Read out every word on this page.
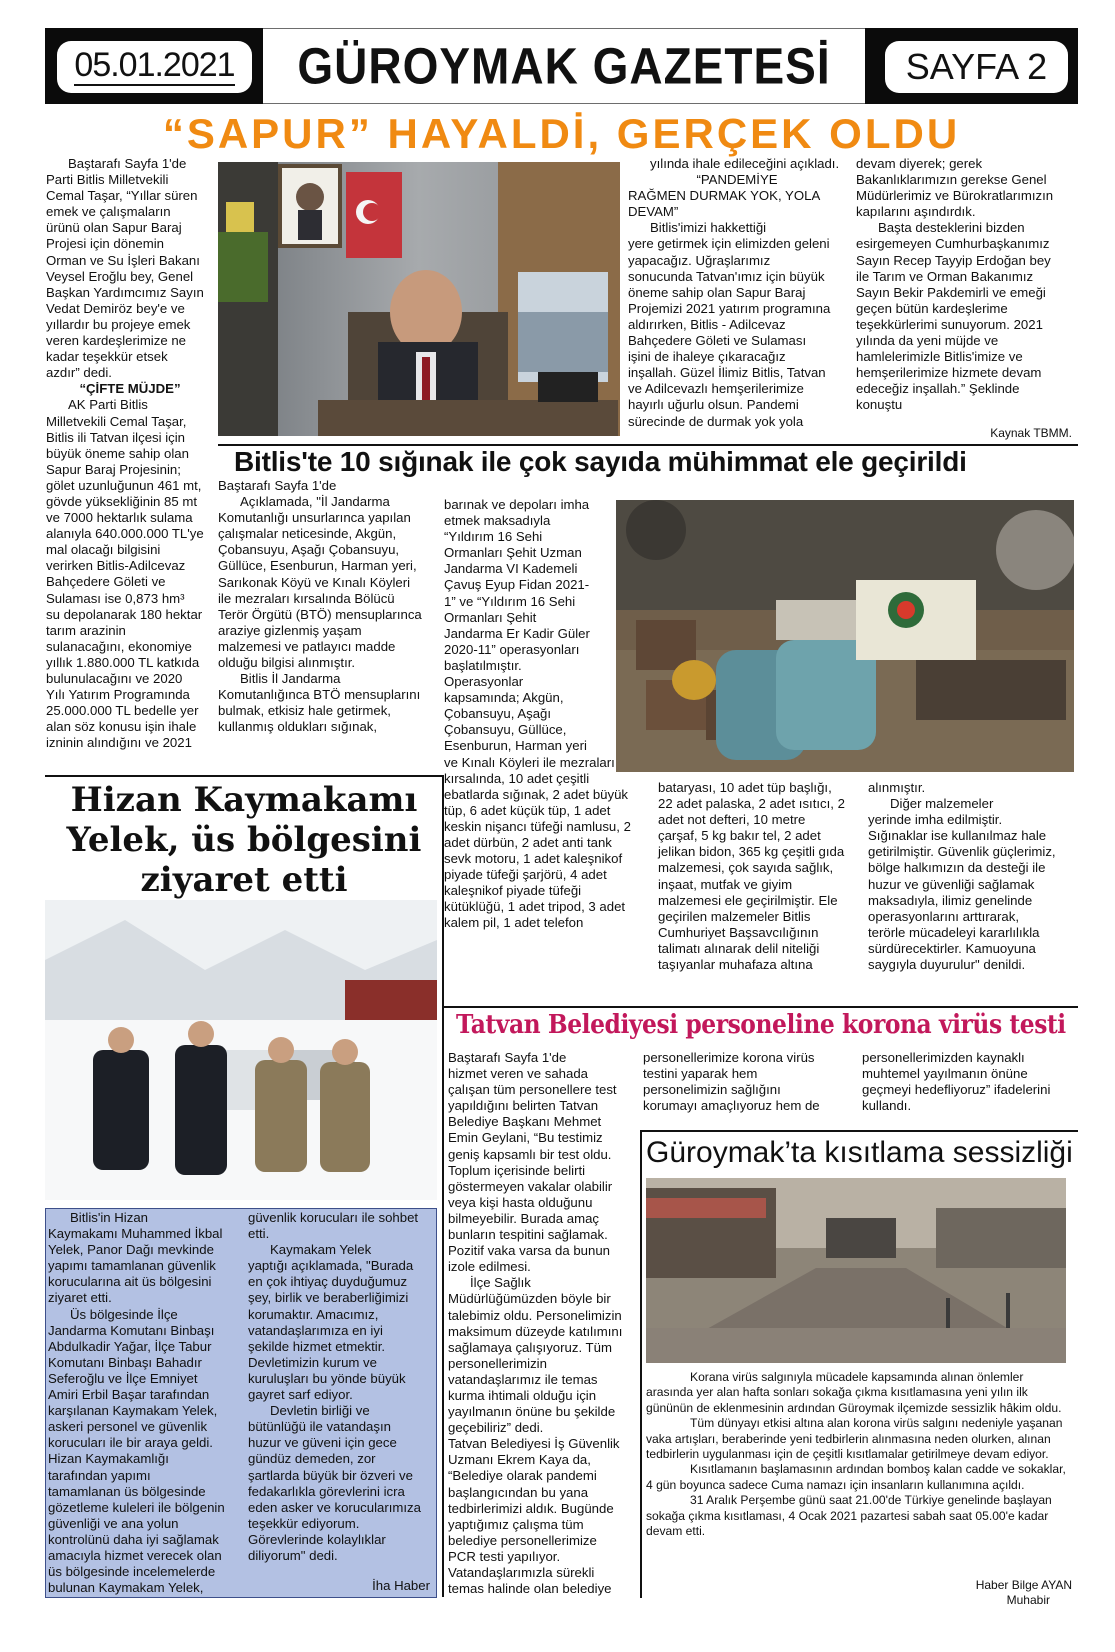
05.01.2021	GÜROYMAK GAZETESİ	SAYFA 2
“SAPUR” HAYALDİ, GERÇEK OLDU

Baştarafı Sayfa 1'de

Parti Bitlis Milletvekili

Cemal Taşar, “Yıllar süren

emek ve çalışmaların

ürünü olan Sapur Baraj

Projesi için dönemin

Orman ve Su İşleri Bakanı

Veysel Eroğlu bey, Genel

Başkan Yardımcımız Sayın

Vedat Demiröz bey'e ve

yıllardır bu projeye emek

veren kardeşlerimize ne

kadar teşekkür etsek

azdır” dedi.

“ÇİFTE MÜJDE”

AK Parti Bitlis

Milletvekili Cemal Taşar,

Bitlis ili Tatvan ilçesi için

büyük öneme sahip olan

Sapur Baraj Projesinin;

gölet uzunluğunun 461 mt,

gövde yüksekliğinin 85 mt

ve 7000 hektarlık sulama

alanıyla 640.000.000 TL'ye

mal olacağı bilgisini

verirken Bitlis-Adilcevaz

Bahçedere Göleti ve

Sulaması ise 0,873 hm³

su depolanarak 180 hektar

tarım arazinin

sulanacağını, ekonomiye

yıllık 1.880.000 TL katkıda

bulunulacağını ve 2020

Yılı Yatırım Programında

25.000.000 TL bedelle yer

alan söz konusu işin ihale

izninin alındığını ve 2021

yılında ihale edileceğini açıkladı.

“PANDEMİYE

RAĞMEN DURMAK YOK, YOLA

DEVAM”

Bitlis'imizi hakkettiği

yere getirmek için elimizden geleni

yapacağız. Uğraşlarımız

sonucunda Tatvan'ımız için büyük

öneme sahip olan Sapur Baraj

Projemizi 2021 yatırım programına

aldırırken, Bitlis - Adilcevaz

Bahçedere Göleti ve Sulaması

işini de ihaleye çıkaracağız

inşallah. Güzel İlimiz Bitlis, Tatvan

ve Adilcevazlı hemşerilerimize

hayırlı uğurlu olsun. Pandemi

sürecinde de durmak yok yola

devam diyerek; gerek

Bakanlıklarımızın gerekse Genel

Müdürlerimiz ve Bürokratlarımızın

kapılarını aşındırdık.

Başta desteklerini bizden

esirgemeyen Cumhurbaşkanımız

Sayın Recep Tayyip Erdoğan bey

ile Tarım ve Orman Bakanımız

Sayın Bekir Pakdemirli ve emeği

geçen bütün kardeşlerime

teşekkürlerimi sunuyorum. 2021

yılında da yeni müjde ve

hamlelerimizle Bitlis'imize ve

hemşerilerimize hizmete devam

edeceğiz inşallah.” Şeklinde

konuştu

Kaynak TBMM.
Bitlis'te 10 sığınak ile çok sayıda mühimmat ele geçirildi

Baştarafı Sayfa 1'de

Açıklamada, "İl Jandarma

Komutanlığı unsurlarınca yapılan

çalışmalar neticesinde, Akgün,

Çobansuyu, Aşağı Çobansuyu,

Güllüce, Esenburun, Harman yeri,

Sarıkonak Köyü ve Kınalı Köyleri

ile mezraları kırsalında Bölücü

Terör Örgütü (BTÖ) mensuplarınca

araziye gizlenmiş yaşam

malzemesi ve patlayıcı madde

olduğu bilgisi alınmıştır.

Bitlis İl Jandarma

Komutanlığınca BTÖ mensuplarını

bulmak, etkisiz hale getirmek,

kullanmış oldukları sığınak,

barınak ve depoları imha

etmek maksadıyla

“Yıldırım 16 Sehi

Ormanları Şehit Uzman

Jandarma VI Kademeli

Çavuş Eyup Fidan 2021-

1” ve “Yıldırım 16 Sehi

Ormanları Şehit

Jandarma Er Kadir Güler

2020-11” operasyonları

başlatılmıştır.

Operasyonlar

kapsamında; Akgün,

Çobansuyu, Aşağı

Çobansuyu, Güllüce,

Esenburun, Harman yeri

ve Kınalı Köyleri ile mezraları

kırsalında, 10 adet çeşitli

ebatlarda sığınak, 2 adet büyük

tüp, 6 adet küçük tüp, 1 adet

keskin nişancı tüfeği namlusu, 2

adet dürbün, 2 adet anti tank

sevk motoru, 1 adet kaleşnikof

piyade tüfeği şarjörü, 4 adet

kaleşnikof piyade tüfeği

kütüklüğü, 1 adet tripod, 3 adet

kalem pil, 1 adet telefon

bataryası, 10 adet tüp başlığı,

22 adet palaska, 2 adet ısıtıcı, 2

adet not defteri, 10 metre

çarşaf, 5 kg bakır tel, 2 adet

jelikan bidon, 365 kg çeşitli gıda

malzemesi, çok sayıda sağlık,

inşaat, mutfak ve giyim

malzemesi ele geçirilmiştir. Ele

geçirilen malzemeler Bitlis

Cumhuriyet Başsavcılığının

talimatı alınarak delil niteliği

taşıyanlar muhafaza altına

alınmıştır.

Diğer malzemeler

yerinde imha edilmiştir.

Sığınaklar ise kullanılmaz hale

getirilmiştir. Güvenlik güçlerimiz,

bölge halkımızın da desteği ile

huzur ve güvenliği sağlamak

maksadıyla, ilimiz genelinde

operasyonlarını arttırarak,

terörle mücadeleyi kararlılıkla

sürdürecektirler. Kamuoyuna

saygıyla duyurulur" denildi.

Hizan Kaymakamı
Yelek, üs bölgesini
ziyaret etti

Bitlis'in Hizan

Kaymakamı Muhammed İkbal

Yelek, Panor Dağı mevkinde

yapımı tamamlanan güvenlik

korucularına ait üs bölgesini

ziyaret etti.

Üs bölgesinde İlçe

Jandarma Komutanı Binbaşı

Abdulkadir Yağar, İlçe Tabur

Komutanı Binbaşı Bahadır

Seferoğlu ve İlçe Emniyet

Amiri Erbil Başar tarafından

karşılanan Kaymakam Yelek,

askeri personel ve güvenlik

korucuları ile bir araya geldi.

Hizan Kaymakamlığı

tarafından yapımı

tamamlanan üs bölgesinde

gözetleme kuleleri ile bölgenin

güvenliği ve ana yolun

kontrolünü daha iyi sağlamak

amacıyla hizmet verecek olan

üs bölgesinde incelemelerde

bulunan Kaymakam Yelek,

güvenlik korucuları ile sohbet

etti.

Kaymakam Yelek

yaptığı açıklamada, "Burada

en çok ihtiyaç duyduğumuz

şey, birlik ve beraberliğimizi

korumaktır. Amacımız,

vatandaşlarımıza en iyi

şekilde hizmet etmektir.

Devletimizin kurum ve

kuruluşları bu yönde büyük

gayret sarf ediyor.

Devletin birliği ve

bütünlüğü ile vatandaşın

huzur ve güveni için gece

gündüz demeden, zor

şartlarda büyük bir özveri ve

fedakarlıkla görevlerini icra

eden asker ve korucularımıza

teşekkür ediyorum.

Görevlerinde kolaylıklar

diliyorum" dedi.

İha Haber
Tatvan Belediyesi personeline korona virüs testi

Baştarafı Sayfa 1'de

hizmet veren ve sahada

çalışan tüm personellere test

yapıldığını belirten Tatvan

Belediye Başkanı Mehmet

Emin Geylani, “Bu testimiz

geniş kapsamlı bir test oldu.

Toplum içerisinde belirti

göstermeyen vakalar olabilir

veya kişi hasta olduğunu

bilmeyebilir. Burada amaç

bunların tespitini sağlamak.

Pozitif vaka varsa da bunun

izole edilmesi.

İlçe Sağlık

Müdürlüğümüzden böyle bir

talebimiz oldu. Personelimizin

maksimum düzeyde katılımını

sağlamaya çalışıyoruz. Tüm

personellerimizin

vatandaşlarımız ile temas

kurma ihtimali olduğu için

yayılmanın önüne bu şekilde

geçebiliriz” dedi.

Tatvan Belediyesi İş Güvenlik

Uzmanı Ekrem Kaya da,

“Belediye olarak pandemi

başlangıcından bu yana

tedbirlerimizi aldık. Bugünde

yaptığımız çalışma tüm

belediye personellerimize

PCR testi yapılıyor.

Vatandaşlarımızla sürekli

temas halinde olan belediye

personellerimize korona virüs

testini yaparak hem

personelimizin sağlığını

korumayı amaçlıyoruz hem de

personellerimizden kaynaklı

muhtemel yayılmanın önüne

geçmeyi hedefliyoruz” ifadelerini

kullandı.

Güroymak’ta kısıtlama sessizliği

Korana virüs salgınıyla mücadele kapsamında alınan önlemler arasında yer alan hafta sonları sokağa çıkma kısıtlamasına yeni yılın ilk gününün de eklenmesinin ardından Güroymak ilçemizde sessizlik hâkim oldu.

Tüm dünyayı etkisi altına alan korona virüs salgını nedeniyle yaşanan vaka artışları, beraberinde yeni tedbirlerin alınmasına neden olurken, alınan tedbirlerin uygulanması için de çeşitli kısıtlamalar getirilmeye devam ediyor.

Kısıtlamanın başlamasının ardından bomboş kalan cadde ve sokaklar, 4 gün boyunca sadece Cuma namazı için insanların kullanımına açıldı.

31 Aralık Perşembe günü saat 21.00'de Türkiye genelinde başlayan sokağa çıkma kısıtlaması, 4 Ocak 2021 pazartesi sabah saat 05.00'e kadar devam etti.

Haber Bilge AYAN
Muhabir
